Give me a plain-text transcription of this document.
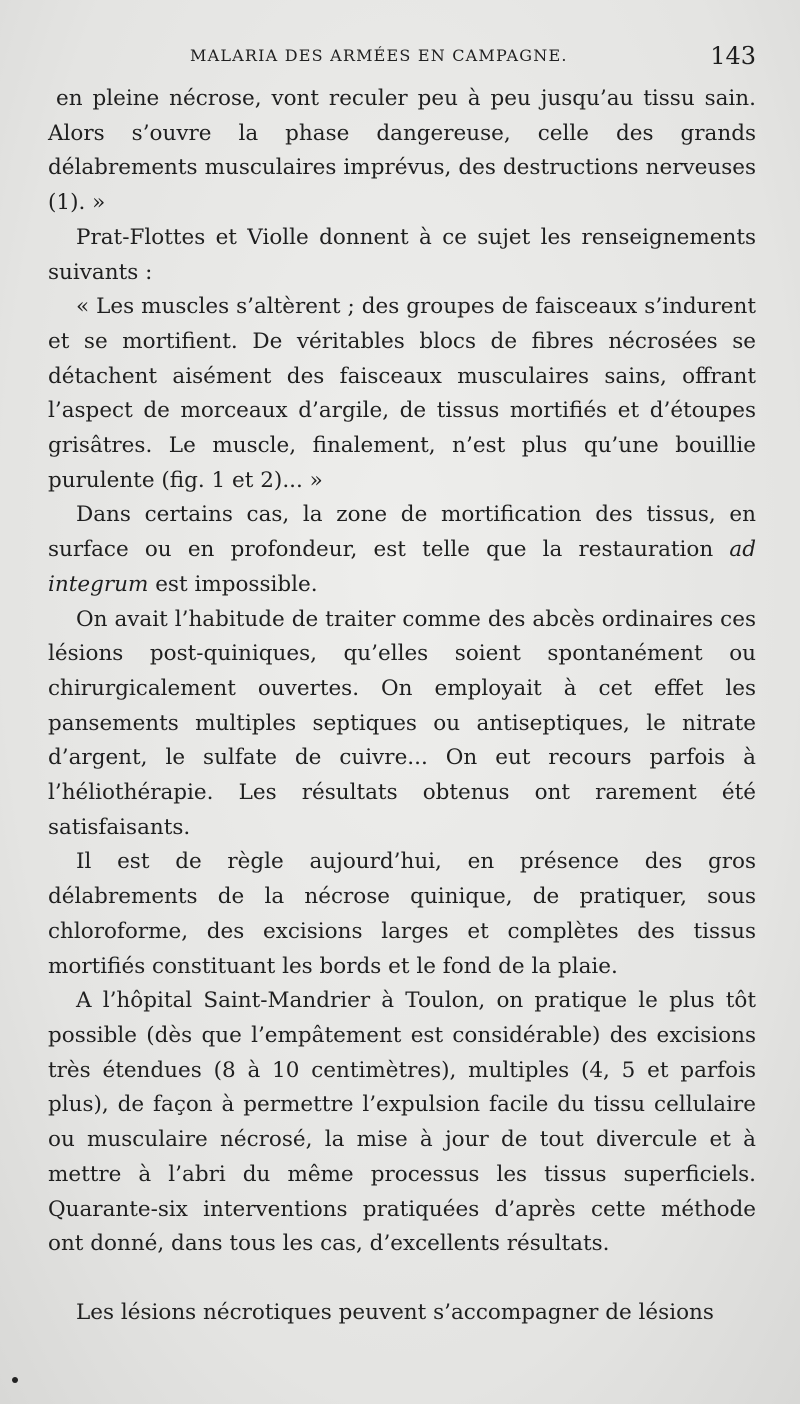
MALARIA DES ARMÉES EN CAMPAGNE.	143

en pleine nécrose, vont reculer peu à peu jusqu’au tissu sain. Alors s’ouvre la phase dangereuse, celle des grands délabrements musculaires imprévus, des destructions nerveuses (1). »

Prat-Flottes et Violle donnent à ce sujet les renseignements suivants :

« Les muscles s’altèrent ; des groupes de faisceaux s’indurent et se mortifient. De véritables blocs de fibres nécrosées se détachent aisément des faisceaux musculaires sains, offrant l’aspect de morceaux d’argile, de tissus mortifiés et d’étoupes grisâtres. Le muscle, finalement, n’est plus qu’une bouillie purulente (fig. 1 et 2)... »

Dans certains cas, la zone de mortification des tissus, en surface ou en profondeur, est telle que la restauration ad integrum est impossible.

On avait l’habitude de traiter comme des abcès ordinaires ces lésions post-quiniques, qu’elles soient spontanément ou chirurgicalement ouvertes. On employait à cet effet les pansements multiples septiques ou antiseptiques, le nitrate d’argent, le sulfate de cuivre... On eut recours parfois à l’héliothérapie. Les résultats obtenus ont rarement été satisfaisants.

Il est de règle aujourd’hui, en présence des gros délabrements de la nécrose quinique, de pratiquer, sous chloroforme, des excisions larges et complètes des tissus mortifiés constituant les bords et le fond de la plaie.

A l’hôpital Saint-Mandrier à Toulon, on pratique le plus tôt possible (dès que l’empâtement est considérable) des excisions très étendues (8 à 10 centimètres), multiples (4, 5 et parfois plus), de façon à permettre l’expulsion facile du tissu cellulaire ou musculaire nécrosé, la mise à jour de tout divercule et à mettre à l’abri du même processus les tissus superficiels. Quarante-six interventions pratiquées d’après cette méthode ont donné, dans tous les cas, d’excellents résultats.

Les lésions nécrotiques peuvent s’accompagner de lésions
